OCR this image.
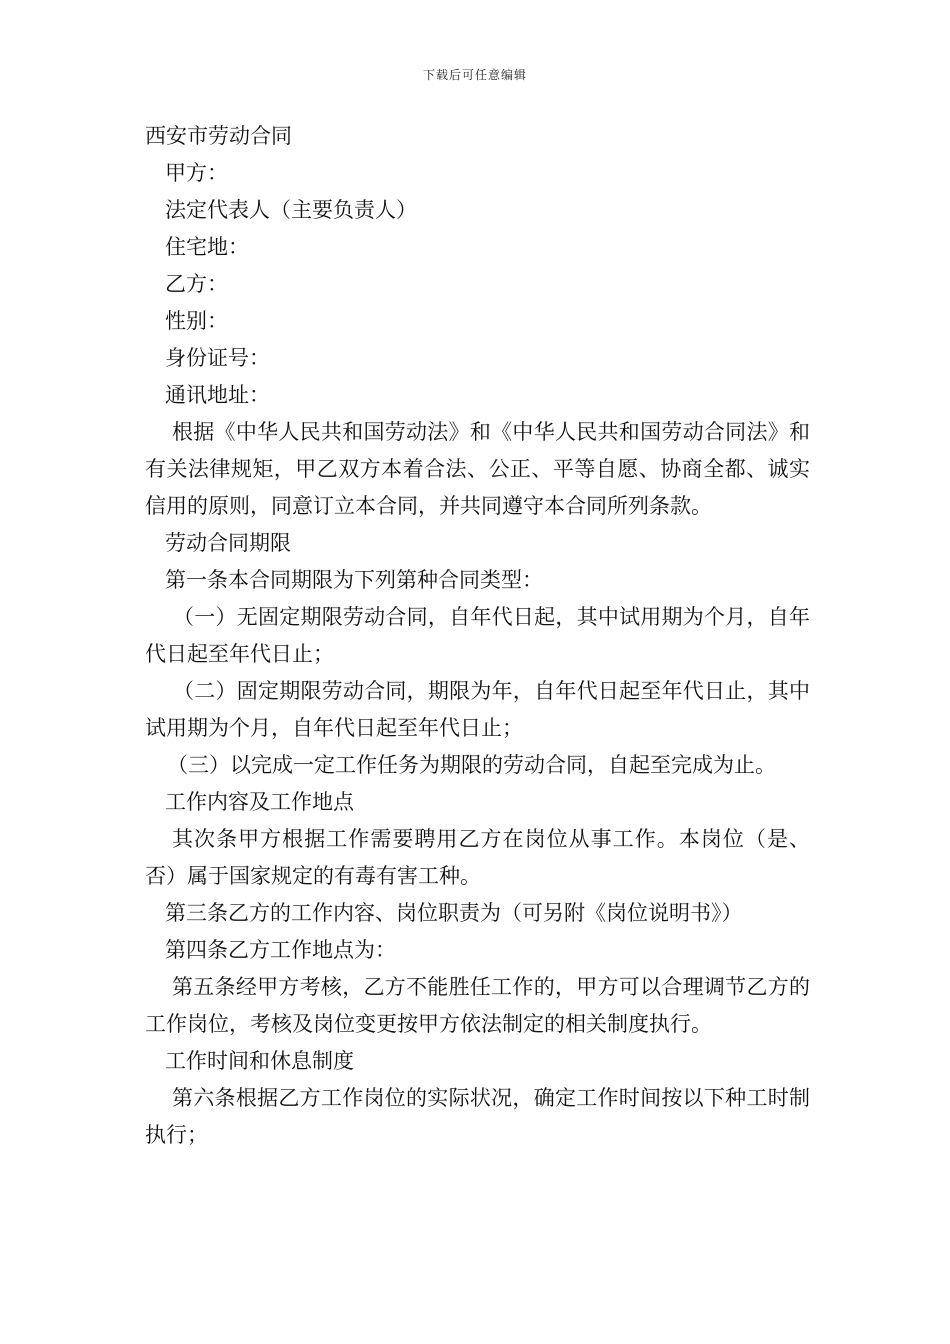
下载后可任意编辑
西安市劳动合同
甲方：
法定代表人（主要负责人）
住宅地：
乙方：
性别：
身份证号：
通讯地址：
根据《中华人民共和国劳动法》和《中华人民共和国劳动合同法》和有关法律规矩，甲乙双方本着合法、公正、平等自愿、协商全都、诚实信用的原则，同意订立本合同，并共同遵守本合同所列条款。
劳动合同期限
第一条本合同期限为下列第种合同类型：
（一）无固定期限劳动合同，自年代日起，其中试用期为个月，自年代日起至年代日止；
（二）固定期限劳动合同，期限为年，自年代日起至年代日止，其中试用期为个月，自年代日起至年代日止；
（三）以完成一定工作任务为期限的劳动合同，自起至完成为止。
工作内容及工作地点
其次条甲方根据工作需要聘用乙方在岗位从事工作。本岗位（是、否）属于国家规定的有毒有害工种。
第三条乙方的工作内容、岗位职责为（可另附《岗位说明书》）
第四条乙方工作地点为：
第五条经甲方考核，乙方不能胜任工作的，甲方可以合理调节乙方的工作岗位，考核及岗位变更按甲方依法制定的相关制度执行。
工作时间和休息制度
第六条根据乙方工作岗位的实际状况，确定工作时间按以下种工时制执行；
